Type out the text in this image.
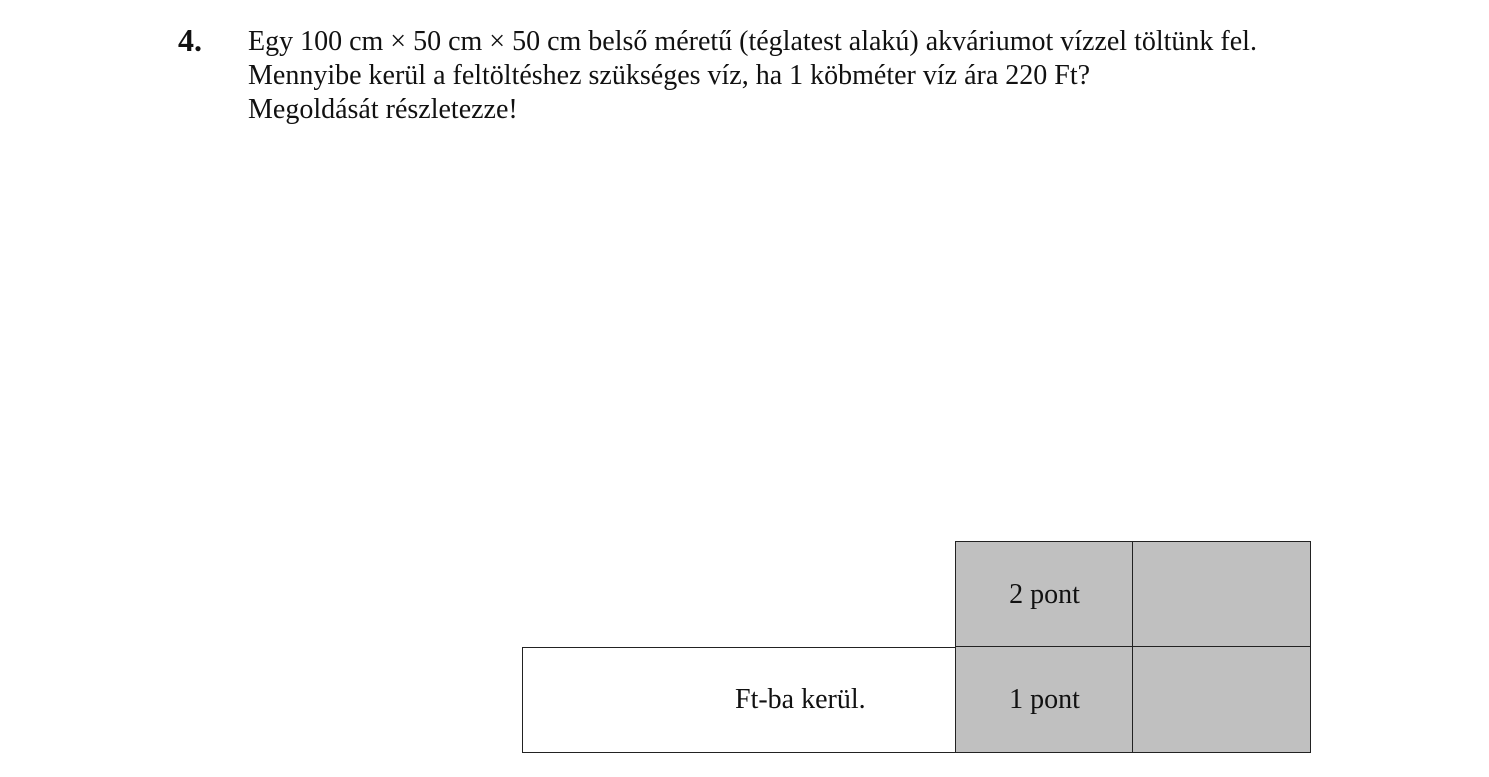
4. Egy 100 cm × 50 cm × 50 cm belső méretű (téglatest alakú) akváriumot vízzel töltünk fel.
Mennyibe kerül a feltöltéshez szükséges víz, ha 1 köbméter víz ára 220 Ft?
Megoldását részletezze!
Ft-ba kerül.
2 pont
1 pont
